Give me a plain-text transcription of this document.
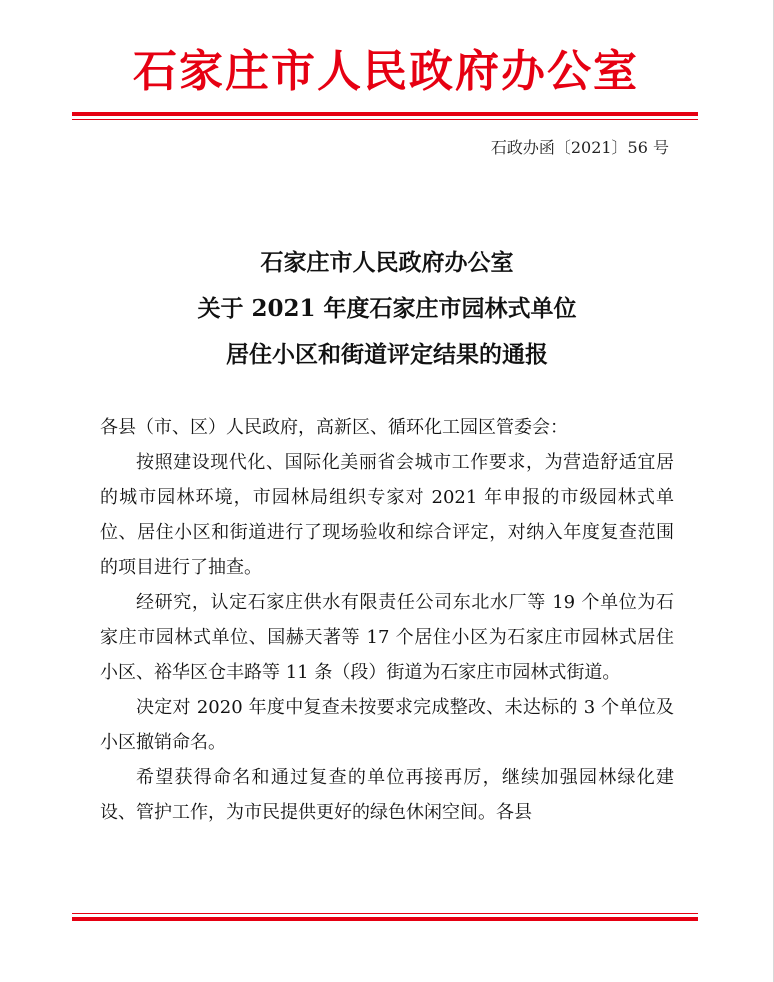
石家庄市人民政府办公室
石政办函〔2021〕56 号
石家庄市人民政府办公室
关于 2021 年度石家庄市园林式单位
居住小区和街道评定结果的通报

各县（市、区）人民政府，高新区、循环化工园区管委会：

按照建设现代化、国际化美丽省会城市工作要求，为营造舒适宜居的城市园林环境，市园林局组织专家对 2021 年申报的市级园林式单位、居住小区和街道进行了现场验收和综合评定，对纳入年度复查范围的项目进行了抽查。

经研究，认定石家庄供水有限责任公司东北水厂等 19 个单位为石家庄市园林式单位、国赫天著等 17 个居住小区为石家庄市园林式居住小区、裕华区仓丰路等 11 条（段）街道为石家庄市园林式街道。

决定对 2020 年度中复查未按要求完成整改、未达标的 3 个单位及小区撤销命名。

希望获得命名和通过复查的单位再接再厉，继续加强园林绿化建设、管护工作，为市民提供更好的绿色休闲空间。各县
